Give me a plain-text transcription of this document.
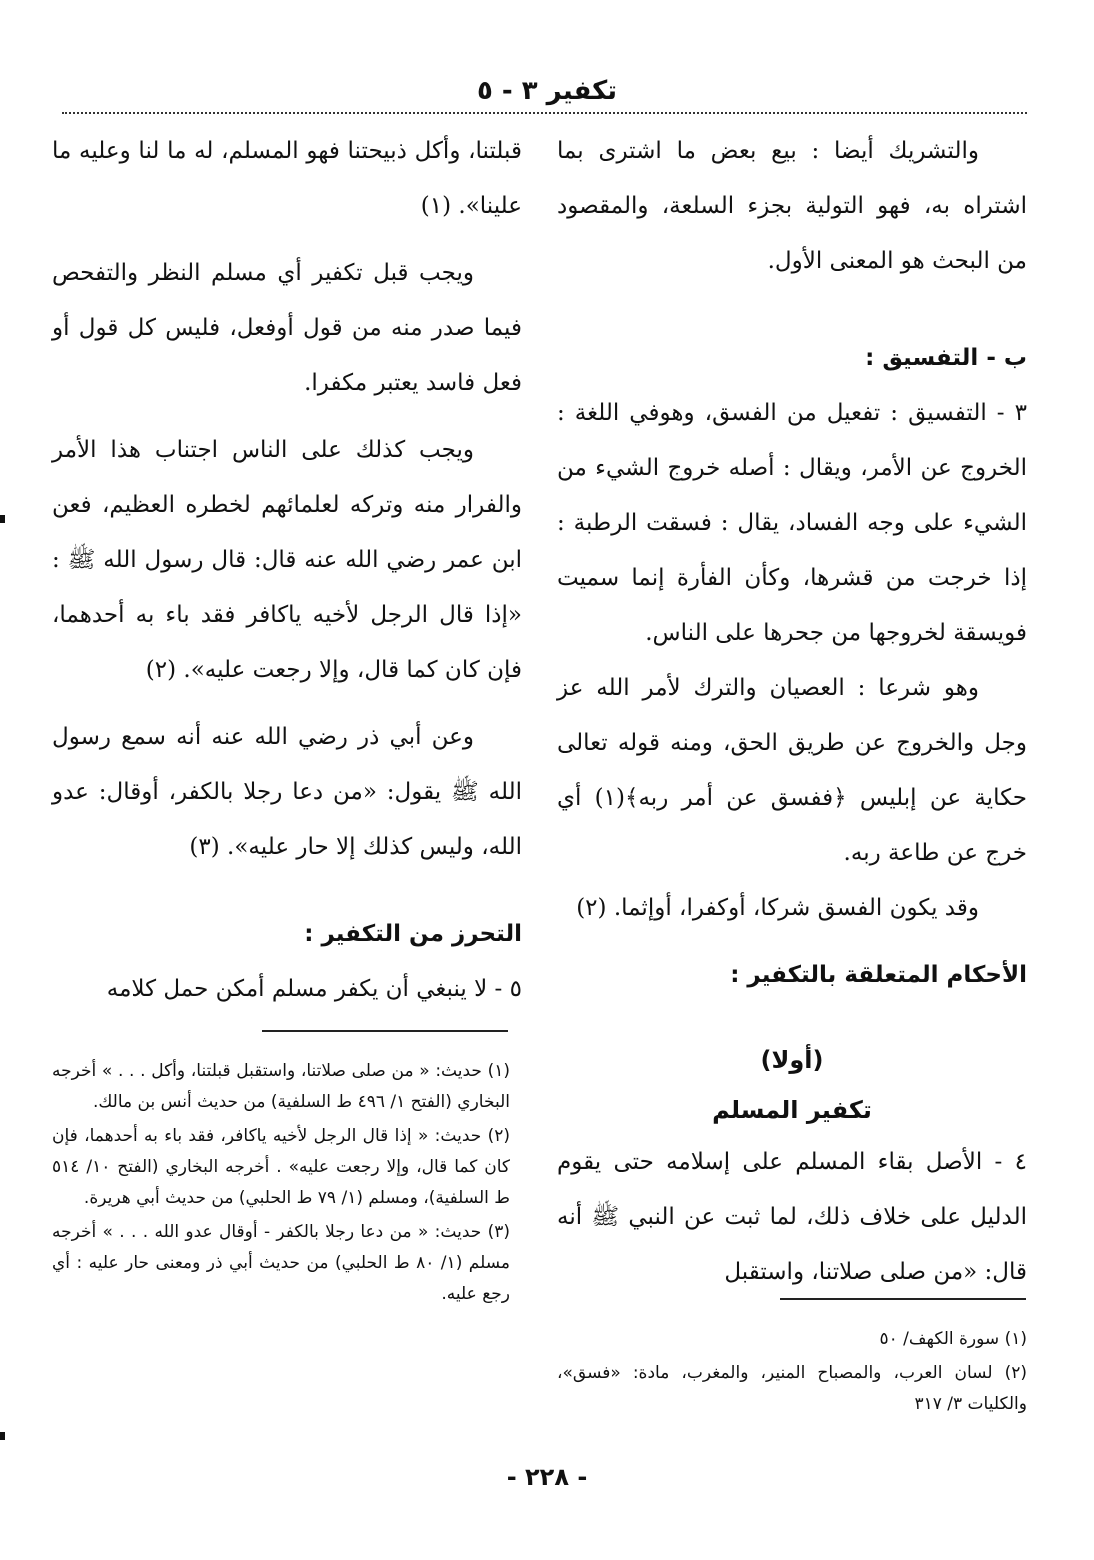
تكفير ٣ - ٥

والتشريك أيضا : بيع بعض ما اشترى بما اشتراه به، فهو التولية بجزء السلعة، والمقصود من البحث هو المعنى الأول.

ب - التفسيق :

٣ - التفسيق : تفعيل من الفسق، وهوفي اللغة : الخروج عن الأمر، ويقال : أصله خروج الشيء من الشيء على وجه الفساد، يقال : فسقت الرطبة : إذا خرجت من قشرها، وكأن الفأرة إنما سميت فويسقة لخروجها من جحرها على الناس.

وهو شرعا : العصيان والترك لأمر الله عز وجل والخروج عن طريق الحق، ومنه قوله تعالى حكاية عن إبليس ﴿ففسق عن أمر ربه﴾(١) أي خرج عن طاعة ربه.

وقد يكون الفسق شركا، أوكفرا، أوإثما. (٢)

الأحكام المتعلقة بالتكفير :

(أولا)
تكفير المسلم

٤ - الأصل بقاء المسلم على إسلامه حتى يقوم الدليل على خلاف ذلك، لما ثبت عن النبي ﷺ أنه قال: «من صلى صلاتنا، واستقبل

قبلتنا، وأكل ذبيحتنا فهو المسلم، له ما لنا وعليه ما علينا». (١)

ويجب قبل تكفير أي مسلم النظر والتفحص فيما صدر منه من قول أوفعل، فليس كل قول أو فعل فاسد يعتبر مكفرا.

ويجب كذلك على الناس اجتناب هذا الأمر والفرار منه وتركه لعلمائهم لخطره العظيم، فعن ابن عمر رضي الله عنه قال: قال رسول الله ﷺ : «إذا قال الرجل لأخيه ياكافر فقد باء به أحدهما، فإن كان كما قال، وإلا رجعت عليه». (٢)

وعن أبي ذر رضي الله عنه أنه سمع رسول الله ﷺ يقول: «من دعا رجلا بالكفر، أوقال: عدو الله، وليس كذلك إلا حار عليه». (٣)

التحرز من التكفير :

٥ - لا ينبغي أن يكفر مسلم أمكن حمل كلامه

(١) حديث: « من صلى صلاتنا، واستقبل قبلتنا، وأكل . . . » أخرجه البخاري (الفتح ١/ ٤٩٦ ط السلفية) من حديث أنس بن مالك.

(٢) حديث: « إذا قال الرجل لأخيه ياكافر، فقد باء به أحدهما، فإن كان كما قال، وإلا رجعت عليه» . أخرجه البخاري (الفتح ١٠/ ٥١٤ ط السلفية)، ومسلم (١/ ٧٩ ط الحلبي) من حديث أبي هريرة.

(٣) حديث: « من دعا رجلا بالكفر - أوقال عدو الله . . . » أخرجه مسلم (١/ ٨٠ ط الحلبي) من حديث أبي ذر ومعنى حار عليه : أي رجع عليه.

(١) سورة الكهف/ ٥٠

(٢) لسان العرب، والمصباح المنير، والمغرب، مادة: «فسق»، والكليات ٣/ ٣١٧

- ٢٢٨ -
